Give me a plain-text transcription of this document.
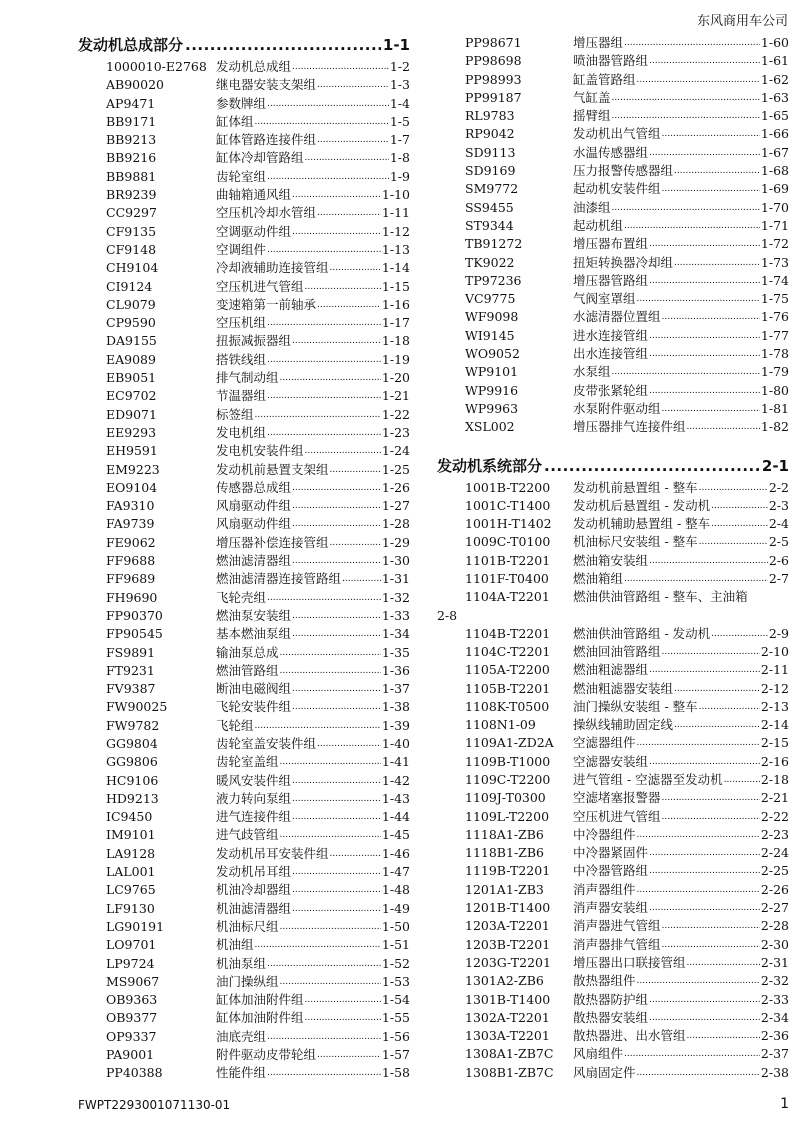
东风商用车公司
发动机总成部分 .....	1-1
1000010-E2768 发动机总成组 .....	1-2
AB90020	继电器安装支架组 .....	1-3
AP9471	参数牌组 .....	1-4
BB9171	缸体组 .....	1-5
BB9213	缸体管路连接件组 .....	1-7
BB9216	缸体冷却管路组 .....	1-8
BB9881	齿轮室组 .....	1-9
BR9239	曲轴箱通风组 .....	1-10
CC9297	空压机冷却水管组 .....	1-11
CF9135	空调驱动件组 .....	1-12
CF9148	空调组件 .....	1-13
CH9104	冷却液辅助连接管组 .....	1-14
CI9124	空压机进气管组 .....	1-15
CL9079	变速箱第一前轴承 .....	1-16
CP9590	空压机组 .....	1-17
DA9155	扭振减振器组 .....	1-18
EA9089	搭铁线组 .....	1-19
EB9051	排气制动组 .....	1-20
EC9702	节温器组 .....	1-21
ED9071	标签组 .....	1-22
EE9293	发电机组 .....	1-23
EH9591	发电机安装件组 .....	1-24
EM9223	发动机前悬置支架组 .....	1-25
EO9104	传感器总成组 .....	1-26
FA9310	风扇驱动件组 .....	1-27
FA9739	风扇驱动件组 .....	1-28
FE9062	增压器补偿连接管组 .....	1-29
FF9688	燃油滤清器组 .....	1-30
FF9689	燃油滤清器连接管路组 .....	1-31
FH9690	飞轮壳组 .....	1-32
FP90370	燃油泵安装组 .....	1-33
FP90545	基本燃油泵组 .....	1-34
FS9891	输油泵总成 .....	1-35
FT9231	燃油管路组 .....	1-36
FV9387	断油电磁阀组 .....	1-37
FW90025	飞轮安装件组 .....	1-38
FW9782	飞轮组 .....	1-39
GG9804	齿轮室盖安装件组 .....	1-40
GG9806	齿轮室盖组 .....	1-41
HC9106	暖风安装件组 .....	1-42
HD9213	液力转向泵组 .....	1-43
IC9450	进气连接件组 .....	1-44
IM9101	进气歧管组 .....	1-45
LA9128	发动机吊耳安装件组 .....	1-46
LAL001	发动机吊耳组 .....	1-47
LC9765	机油冷却器组 .....	1-48
LF9130	机油滤清器组 .....	1-49
LG90191	机油标尺组 .....	1-50
LO9701	机油组 .....	1-51
LP9724	机油泵组 .....	1-52
MS9067	油门操纵组 .....	1-53
OB9363	缸体加油附件组 .....	1-54
OB9377	缸体加油附件组 .....	1-55
OP9337	油底壳组 .....	1-56
PA9001	附件驱动皮带轮组 .....	1-57
PP40388	性能件组 .....	1-58
PP98671	增压器组 .....	1-60
PP98698	喷油器管路组 .....	1-61
PP98993	缸盖管路组 .....	1-62
PP99187	气缸盖 .....	1-63
RL9783	摇臂组 .....	1-65
RP9042	发动机出气管组 .....	1-66
SD9113	水温传感器组 .....	1-67
SD9169	压力报警传感器组 .....	1-68
SM9772	起动机安装件组 .....	1-69
SS9455	油漆组 .....	1-70
ST9344	起动机组 .....	1-71
TB91272	增压器布置组 .....	1-72
TK9022	扭矩转换器冷却组 .....	1-73
TP97236	增压器管路组 .....	1-74
VC9775	气阀室罩组 .....	1-75
WF9098	水滤清器位置组 .....	1-76
WI9145	进水连接管组 .....	1-77
WO9052	出水连接管组 .....	1-78
WP9101	水泵组 .....	1-79
WP9916	皮带张紧轮组 .....	1-80
WP9963	水泵附件驱动组 .....	1-81
XSL002	增压器排气连接件组 .....	1-82
发动机系统部分 .....	2-1
1001B-T2200	发动机前悬置组 - 整车 .....	2-2
1001C-T1400	发动机后悬置组 - 发动机 .....	2-3
1001H-T1402	发动机辅助悬置组 - 整车 .....	2-4
1009C-T0100	机油标尺安装组 - 整车 .....	2-5
1101B-T2201	燃油箱安装组 .....	2-6
1101F-T0400	燃油箱组 .....	2-7
1104A-T2201	燃油供油管路组 - 整车、主油箱
2-8
1104B-T2201	燃油供油管路组 - 发动机 .....	2-9
1104C-T2201	燃油回油管路组 .....	2-10
1105A-T2200	燃油粗滤器组 .....	2-11
1105B-T2201	燃油粗滤器安装组 .....	2-12
1108K-T0500	油门操纵安装组 - 整车 .....	2-13
1108N1-09	操纵线辅助固定线 .....	2-14
1109A1-ZD2A	空滤器组件 .....	2-15
1109B-T1000	空滤器安装组 .....	2-16
1109C-T2200	进气管组 - 空滤器至发动机 .....	2-18
1109J-T0300	空滤堵塞报警器 .....	2-21
1109L-T2200	空压机进气管组 .....	2-22
1118A1-ZB6	中冷器组件 .....	2-23
1118B1-ZB6	中冷器紧固件 .....	2-24
1119B-T2201	中冷器管路组 .....	2-25
1201A1-ZB3	消声器组件 .....	2-26
1201B-T1400	消声器安装组 .....	2-27
1203A-T2201	消声器进气管组 .....	2-28
1203B-T2201	消声器排气管组 .....	2-30
1203G-T2201	增压器出口联接管组 .....	2-31
1301A2-ZB6	散热器组件 .....	2-32
1301B-T1400	散热器防护组 .....	2-33
1302A-T2201	散热器安装组 .....	2-34
1303A-T2201	散热器进、出水管组 .....	2-36
1308A1-ZB7C	风扇组件 .....	2-37
1308B1-ZB7C	风扇固定件 .....	2-38
FWPT2293001071130-01	1
